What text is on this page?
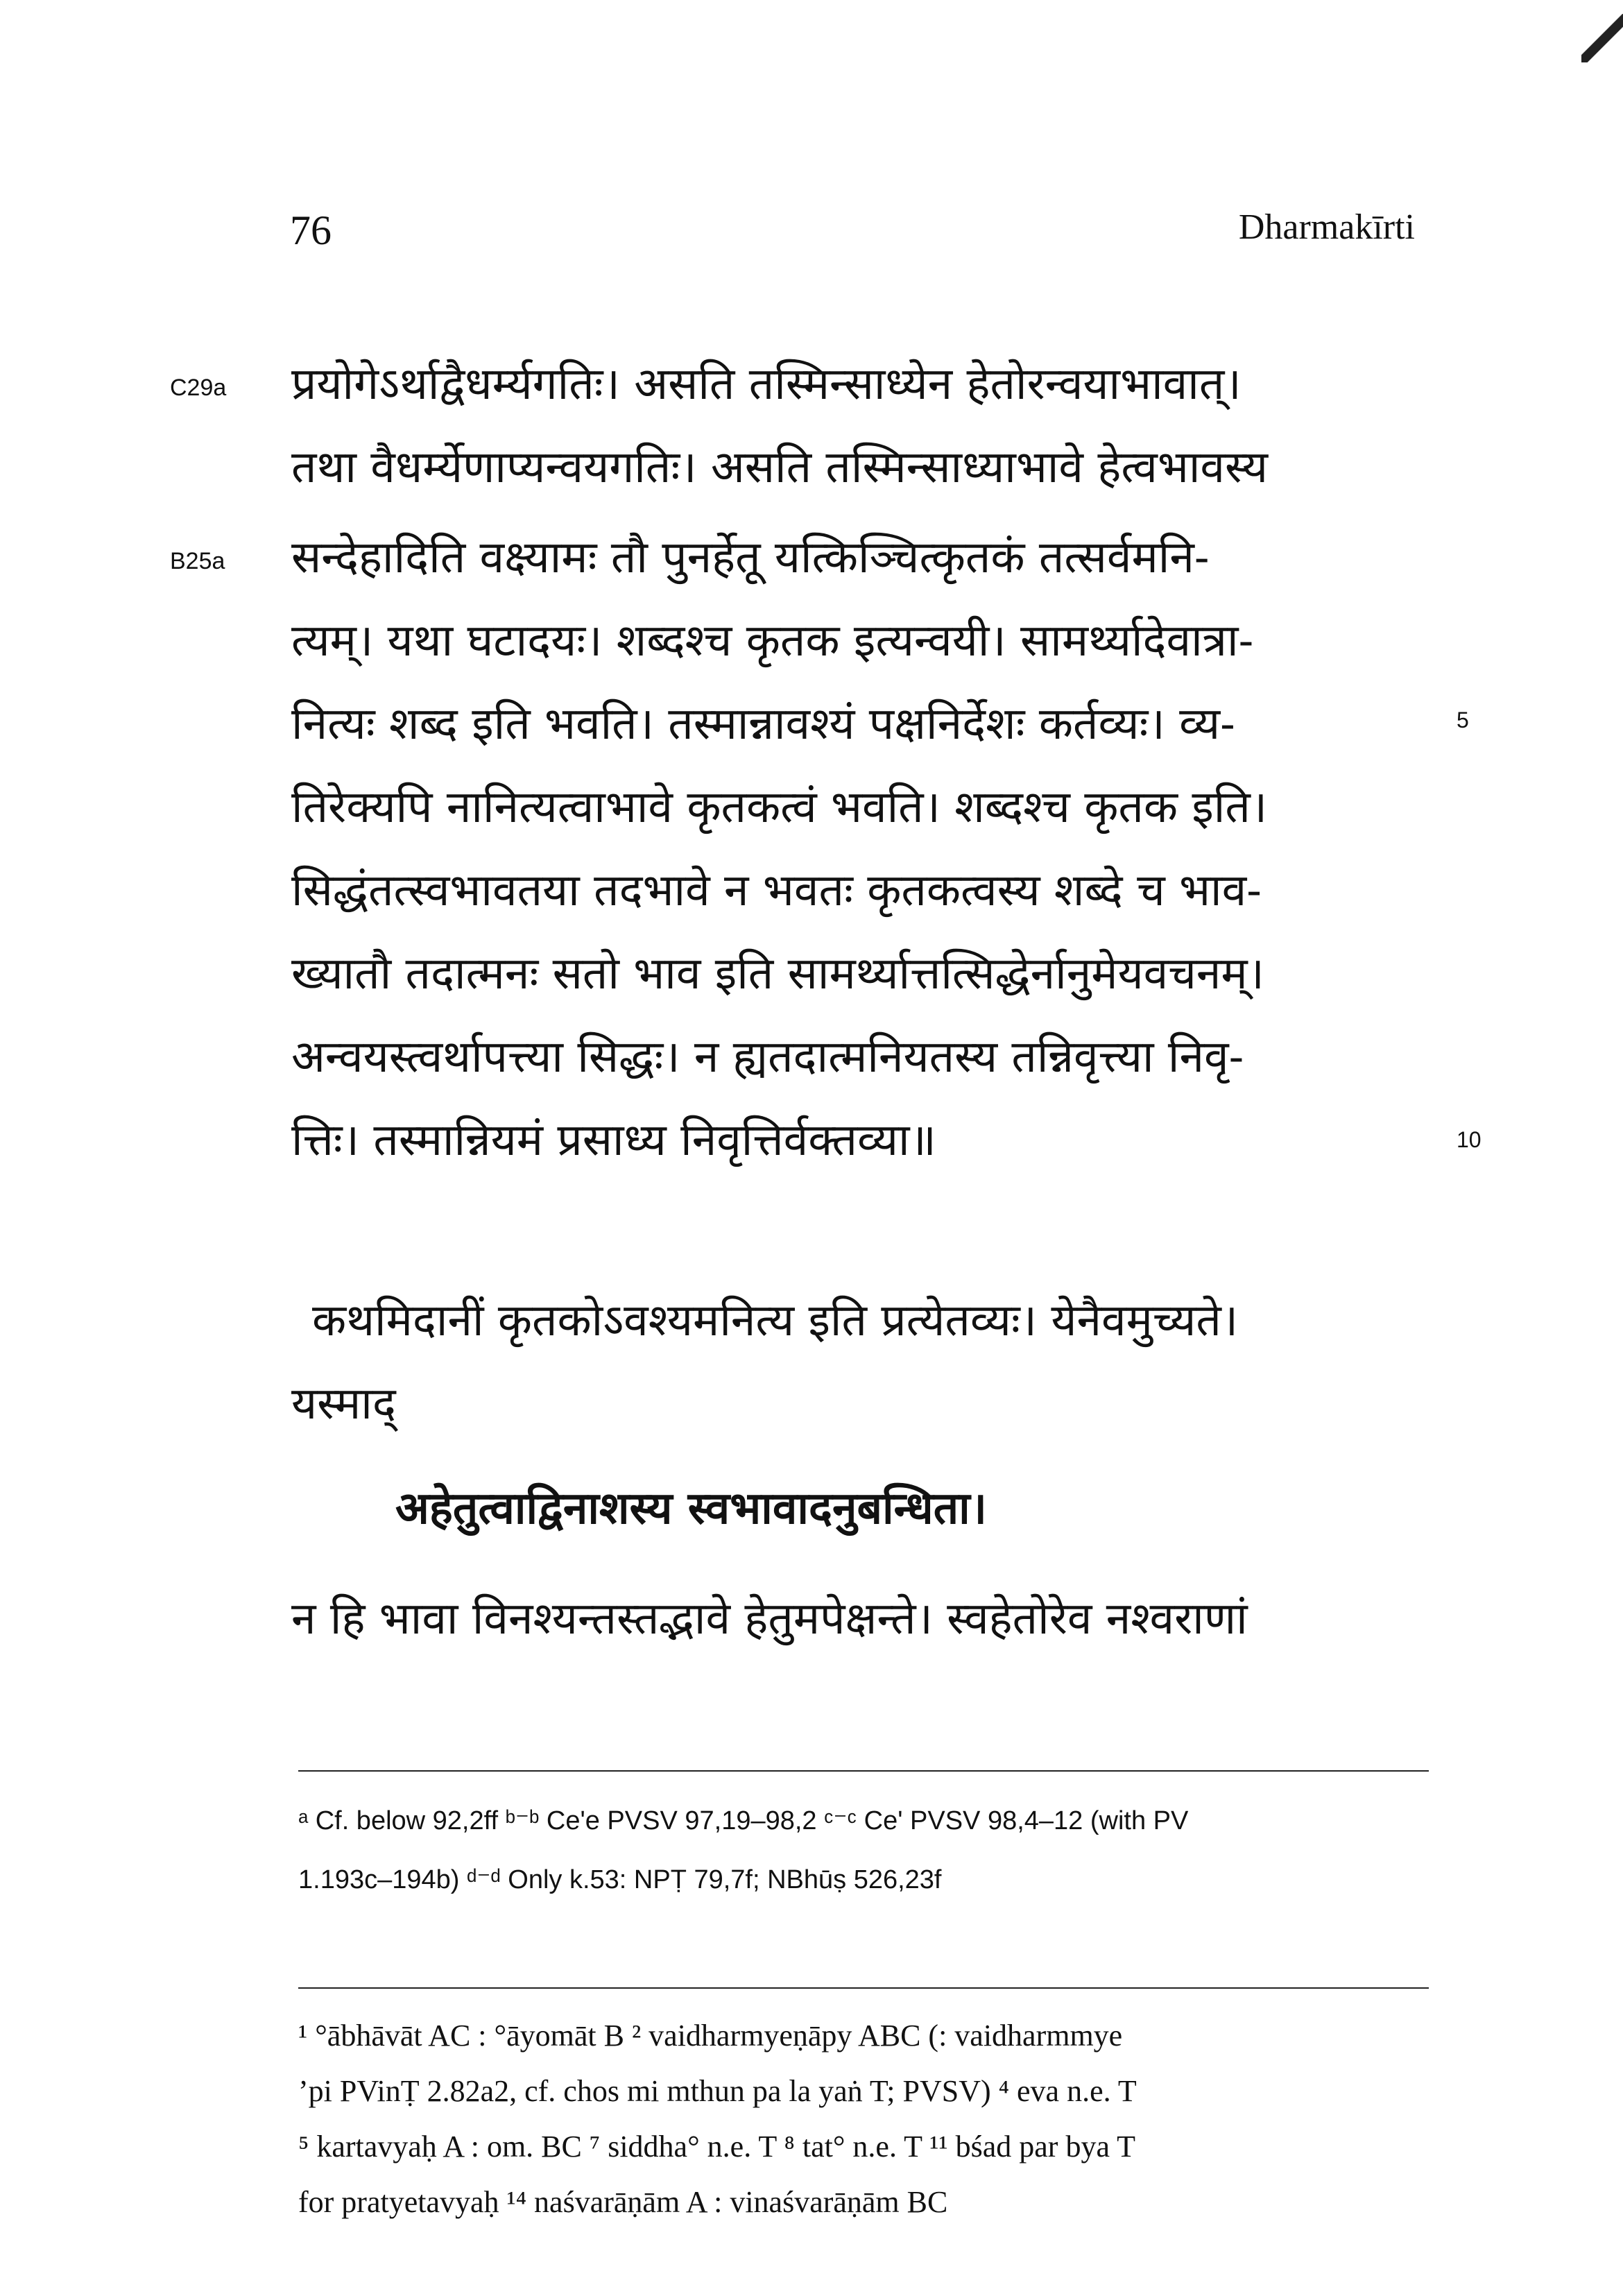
76	Dharmakīrti
C29a
B25a
प्रयोगेऽर्थाद्वैधर्म्यगतिः। असति तस्मिन्साध्येन हेतोरन्वयाभावात्।
तथा वैधर्म्येणाप्यन्वयगतिः। असति तस्मिन्साध्याभावे हेत्वभावस्य
सन्देहादिति वक्ष्यामः तौ पुनर्हेतू यत्किञ्चित्कृतकं तत्सर्वमनि-
त्यम्। यथा घटादयः। शब्दश्च कृतक इत्यन्वयी। सामर्थ्यादेवात्रा-
नित्यः शब्द इति भवति। तस्मान्नावश्यं पक्षनिर्देशः कर्तव्यः। व्य-
तिरेक्यपि नानित्यत्वाभावे कृतकत्वं भवति। शब्दश्च कृतक इति।
सिद्धंतत्स्वभावतया तदभावे न भवतः कृतकत्वस्य शब्दे च भाव-
ख्यातौ तदात्मनः सतो भाव इति सामर्थ्यात्तत्सिद्धेर्नानुमेयवचनम्।
अन्वयस्त्वर्थापत्त्या सिद्धः। न ह्यतदात्मनियतस्य तन्निवृत्त्या निवृ-
त्तिः। तस्मान्नियमं प्रसाध्य निवृत्तिर्वक्तव्या॥
5
10
कथमिदानीं कृतकोऽवश्यमनित्य इति प्रत्येतव्यः। येनैवमुच्यते।
यस्माद्
अहेतुत्वाद्विनाशस्य स्वभावादनुबन्धिता।
न हि भावा विनश्यन्तस्तद्भावे हेतुमपेक्षन्ते। स्वहेतोरेव नश्वराणां
ᵃ Cf. below 92,2ff ᵇ⁻ᵇ Ce'e PVSV 97,19–98,2 ᶜ⁻ᶜ Ce' PVSV 98,4–12 (with PV
1.193c–194b) ᵈ⁻ᵈ Only k.53: NPṬ 79,7f; NBhūṣ 526,23f
¹ °ābhāvāt AC : °āyomāt B ² vaidharmyeṇāpy ABC (: vaidharmmye
’pi PVinṬ 2.82a2, cf. chos mi mthun pa la yaṅ T; PVSV) ⁴ eva n.e. T
⁵ kartavyaḥ A : om. BC ⁷ siddha° n.e. T ⁸ tat° n.e. T ¹¹ bśad par bya T
for pratyetavyaḥ ¹⁴ naśvarāṇām A : vinaśvarāṇām BC
